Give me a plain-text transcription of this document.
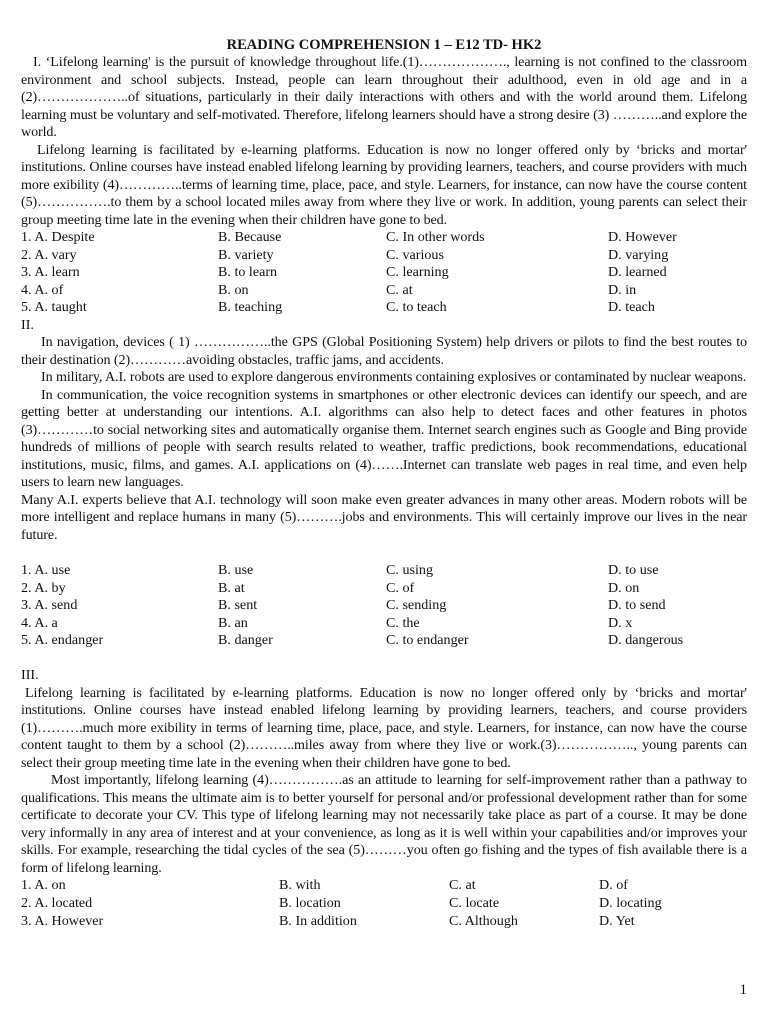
READING COMPREHENSION 1 – E12 TD- HK2

I. ‘Lifelong learning' is the pursuit of knowledge throughout life.(1)………………., learning is not confined to the classroom environment and school subjects. Instead, people can learn throughout their adulthood, even in old age and in a (2)………………..of situations, particularly in their daily interactions with others and with the world around them. Lifelong learning must be voluntary and self-motivated. Therefore, lifelong learners should have a strong desire (3) ………..and explore the world.

Lifelong learning is facilitated by e-learning platforms. Education is now no longer offered only by ‘bricks and mortar' institutions. Online courses have instead enabled lifelong learning by providing learners, teachers, and course providers with much more exibility (4)…………..terms of learning time, place, pace, and style. Learners, for instance, can now have the course content (5)…………….to them by a school located miles away from where they live or work. In addition, young parents can select their group meeting time late in the evening when their children have gone to bed.

1. A. Despite	B. Because	C. In other words	D. However
2. A. vary	B. variety	C. various	D. varying
3. A. learn	B. to learn	C. learning	D. learned
4. A. of	B. on	C. at	D. in
5. A. taught	B. teaching	C. to teach	D. teach

II.

In navigation, devices ( 1) ……………..the GPS (Global Positioning System) help drivers or pilots to find the best routes to their destination (2)…………avoiding obstacles, traffic jams, and accidents.

In military, A.I. robots are used to explore dangerous environments containing explosives or contaminated by nuclear weapons.

In communication, the voice recognition systems in smartphones or other electronic devices can identify our speech, and are getting better at understanding our intentions. A.I. algorithms can also help to detect faces and other features in photos (3)…………to social networking sites and automatically organise them. Internet search engines such as Google and Bing provide hundreds of millions of people with search results related to weather, traffic predictions, book recommendations, educational institutions, music, films, and games. A.I. applications on (4)…….Internet can translate web pages in real time, and even help users to learn new languages.

Many A.I. experts believe that A.I. technology will soon make even greater advances in many other areas. Modern robots will be more intelligent and replace humans in many (5)……….jobs and environments. This will certainly improve our lives in the near future.

1. A. use	B. use	C. using	D. to use
2. A. by	B. at	C. of	D. on
3. A. send	B. sent	C. sending	D. to send
4. A. a	B. an	C. the	D. x
5. A. endanger	B. danger	C. to endanger	D. dangerous

III.

Lifelong learning is facilitated by e-learning platforms. Education is now no longer offered only by ‘bricks and mortar' institutions. Online courses have instead enabled lifelong learning by providing learners, teachers, and course providers (1)……….much more exibility in terms of learning time, place, pace, and style. Learners, for instance, can now have the course content taught to them by a school (2)………..miles away from where they live or work.(3)…………….., young parents can select their group meeting time late in the evening when their children have gone to bed.

Most importantly, lifelong learning (4)…………….as an attitude to learning for self-improvement rather than a pathway to qualifications. This means the ultimate aim is to better yourself for personal and/or professional development rather than for some certificate to decorate your CV. This type of lifelong learning may not necessarily take place as part of a course. It may be done very informally in any area of interest and at your convenience, as long as it is well within your capabilities and/or improves your skills. For example, researching the tidal cycles of the sea (5)………you often go fishing and the types of fish available there is a form of lifelong learning.

1. A. on	B. with	C. at	D. of
2. A. located	B. location	C. locate	D. locating
3. A. However	B. In addition	C. Although	D. Yet
1
